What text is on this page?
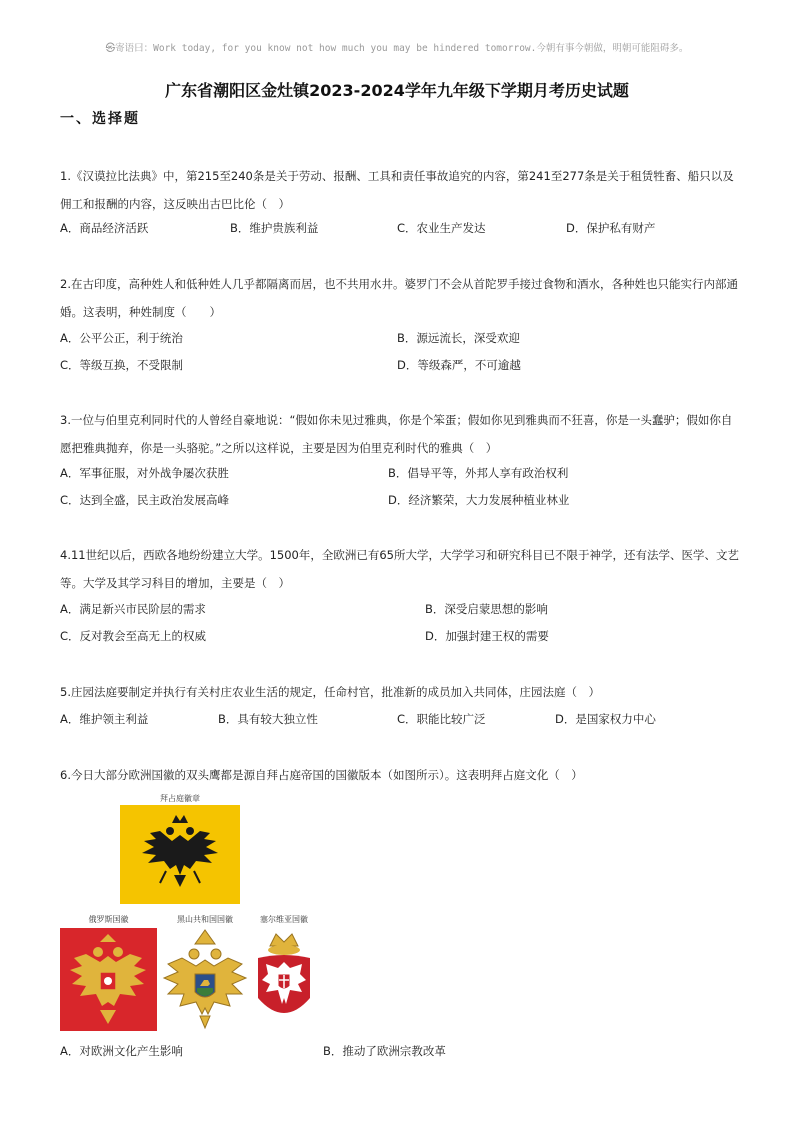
㉿寄语曰：Work today, for you know not how much you may be hindered tomorrow.今朝有事今朝做，明朝可能阻碍多。
广东省潮阳区金灶镇2023-2024学年九年级下学期月考历史试题
一、选择题
1.《汉谟拉比法典》中，第215至240条是关于劳动、报酬、工具和责任事故追究的内容，第241至277条是关于租赁牲畜、船只以及佣工和报酬的内容，这反映出古巴比伦（　）
A．商品经济活跃	B．维护贵族利益	C．农业生产发达	D．保护私有财产
2.在古印度，高种姓人和低种姓人几乎都隔离而居，也不共用水井。婆罗门不会从首陀罗手接过食物和酒水，各种姓也只能实行内部通婚。这表明，种姓制度（　　）
A．公平公正，利于统治	B．源远流长，深受欢迎
C．等级互换，不受限制	D．等级森严，不可逾越
3.一位与伯里克利同时代的人曾经自豪地说：“假如你未见过雅典，你是个笨蛋；假如你见到雅典而不狂喜，你是一头蠢驴；假如你自愿把雅典抛弃，你是一头骆驼。”之所以这样说，主要是因为伯里克利时代的雅典（　）
A．军事征服，对外战争屡次获胜	B．倡导平等，外邦人享有政治权利
C．达到全盛，民主政治发展高峰	D．经济繁荣，大力发展种植业林业
4.11世纪以后，西欧各地纷纷建立大学。1500年，全欧洲已有65所大学，大学学习和研究科目已不限于神学，还有法学、医学、文艺等。大学及其学习科目的增加，主要是（　）
A．满足新兴市民阶层的需求	B．深受启蒙思想的影响
C．反对教会至高无上的权威	D．加强封建王权的需要
5.庄园法庭要制定并执行有关村庄农业生活的规定，任命村官，批准新的成员加入共同体，庄园法庭（　）
A．维护领主利益	B．具有较大独立性	C．职能比较广泛	D．是国家权力中心
6.今日大部分欧洲国徽的双头鹰都是源自拜占庭帝国的国徽版本（如图所示）。这表明拜占庭文化（　）
拜占庭徽章
俄罗斯国徽	黑山共和国国徽	塞尔维亚国徽
A．对欧洲文化产生影响	B．推动了欧洲宗教改革
